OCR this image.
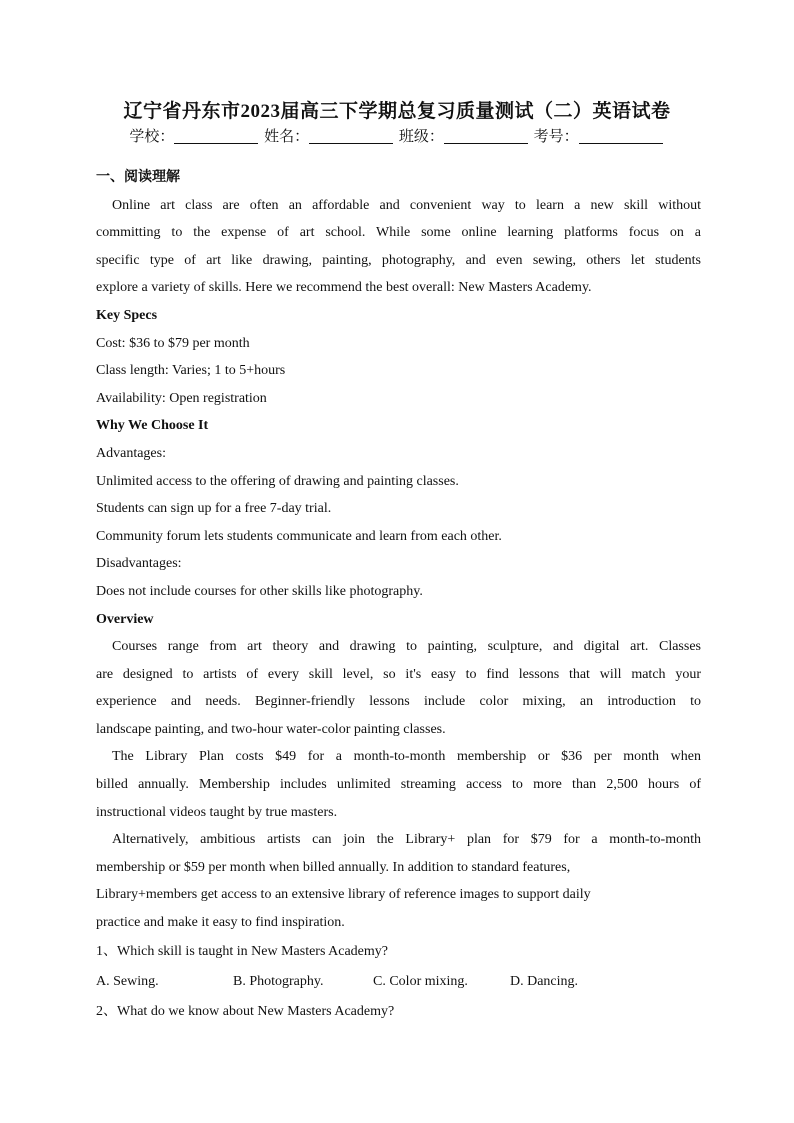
辽宁省丹东市2023届高三下学期总复习质量测试（二）英语试卷
学校：	姓名：	班级：	考号：
一、阅读理解
Online art class are often an affordable and convenient way to learn a new skill without
committing to the expense of art school. While some online learning platforms focus on a
specific type of art like drawing, painting, photography, and even sewing, others let students
explore a variety of skills. Here we recommend the best overall: New Masters Academy.
Key Specs
Cost: $36 to $79 per month
Class length: Varies; 1 to 5+hours
Availability: Open registration
Why We Choose It
Advantages:
Unlimited access to the offering of drawing and painting classes.
Students can sign up for a free 7-day trial.
Community forum lets students communicate and learn from each other.
Disadvantages:
Does not include courses for other skills like photography.
Overview
Courses range from art theory and drawing to painting, sculpture, and digital art. Classes
are designed to artists of every skill level, so it's easy to find lessons that will match your
experience and needs. Beginner-friendly lessons include color mixing, an introduction to
landscape painting, and two-hour water-color painting classes.
The Library Plan costs $49 for a month-to-month membership or $36 per month when
billed annually. Membership includes unlimited streaming access to more than 2,500 hours of
instructional videos taught by true masters.
Alternatively, ambitious artists can join the Library+ plan for $79 for a month-to-month
membership or $59 per month when billed annually. In addition to standard features,
Library+members get access to an extensive library of reference images to support daily
practice and make it easy to find inspiration.
1、Which skill is taught in New Masters Academy?
A. Sewing.	B. Photography.	C. Color mixing.	D. Dancing.
2、What do we know about New Masters Academy?
